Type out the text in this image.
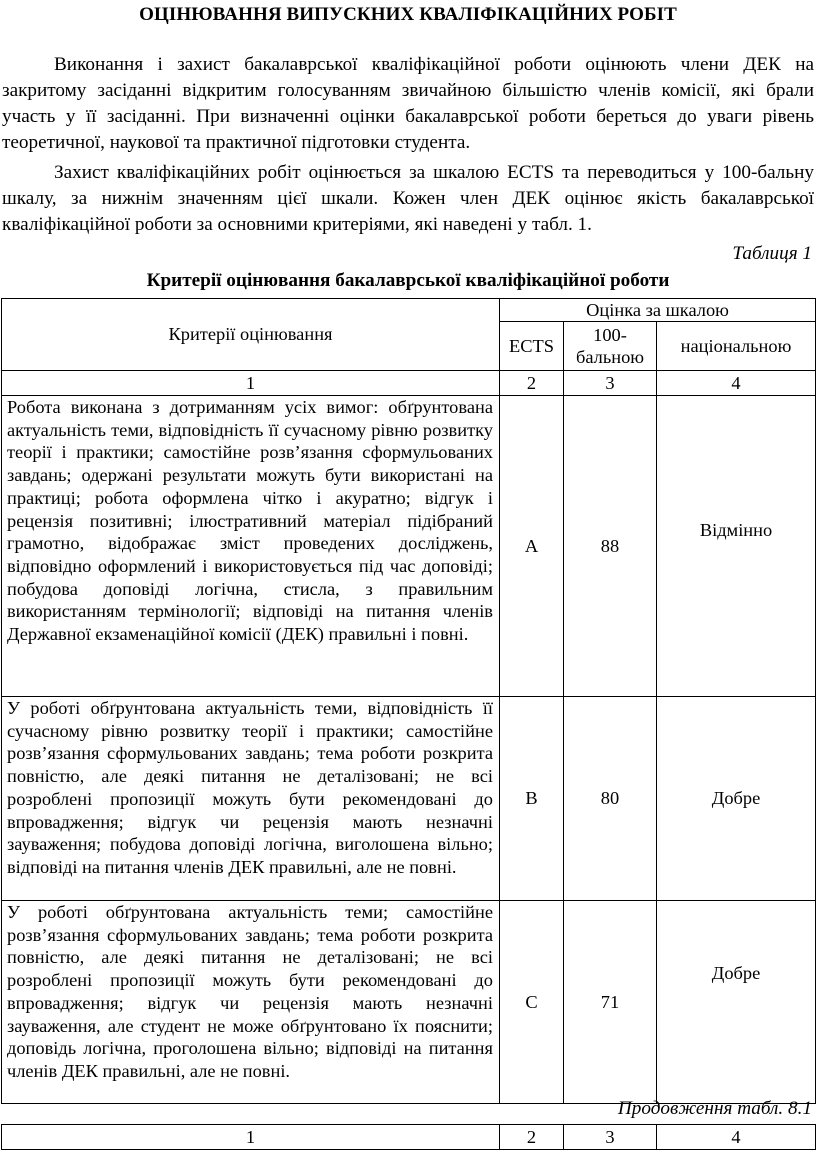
ОЦІНЮВАННЯ ВИПУСКНИХ КВАЛІФІКАЦІЙНИХ РОБІТ

Виконання і захист бакалаврської кваліфікаційної роботи оцінюють члени ДЕК на закритому засіданні відкритим голосуванням звичайною більшістю членів комісії, які брали участь у її засіданні. При визначенні оцінки бакалаврської роботи береться до уваги рівень теоретичної, наукової та практичної підготовки студента.

Захист кваліфікаційних робіт оцінюється за шкалою ECTS та переводиться у 100-бальну шкалу, за нижнім значенням цієї шкали. Кожен член ДЕК оцінює якість бакалаврської кваліфікаційної роботи за основними критеріями, які наведені у табл. 1.

Таблиця 1
Критерії оцінювання бакалаврської кваліфікаційної роботи
Критерії оцінювання	Оцінка за шкалою		
	ECTS	100-бальною	національною
1	2	3	4
Робота виконана з дотриманням усіх вимог: обґрунтована актуальність теми, відповідність її сучасному рівню розвитку теорії і практики; самостійне розв’язання сформульованих завдань; одержані результати можуть бути використані на практиці; робота оформлена чітко і акуратно; відгук і рецензія позитивні; ілюстративний матеріал підібраний грамотно, відображає зміст проведених досліджень, відповідно оформлений і використовується під час доповіді; побудова доповіді логічна, стисла, з правильним використанням термінології; відповіді на питання членів Державної екзаменаційної комісії (ДЕК) правильні і повні.	A	88	Відмінно
У роботі обґрунтована актуальність теми, відповідність її сучасному рівню розвитку теорії і практики; самостійне розв’язання сформульованих завдань; тема роботи розкрита повністю, але деякі питання не деталізовані; не всі розроблені пропозиції можуть бути рекомендовані до впровадження; відгук чи рецензія мають незначні зауваження; побудова доповіді логічна, виголошена вільно; відповіді на питання членів ДЕК правильні, але не повні.	B	80	Добре
У роботі обґрунтована актуальність теми; самостійне розв’язання сформульованих завдань; тема роботи розкрита повністю, але деякі питання не деталізовані; не всі розроблені пропозиції можуть бути рекомендовані до впровадження; відгук чи рецензія мають незначні зауваження, але студент не може обґрунтовано їх пояснити; доповідь логічна, проголошена вільно; відповіді на питання членів ДЕК правильні, але не повні.	C	71	Добре
Продовження табл. 8.1
1	2	3	4
